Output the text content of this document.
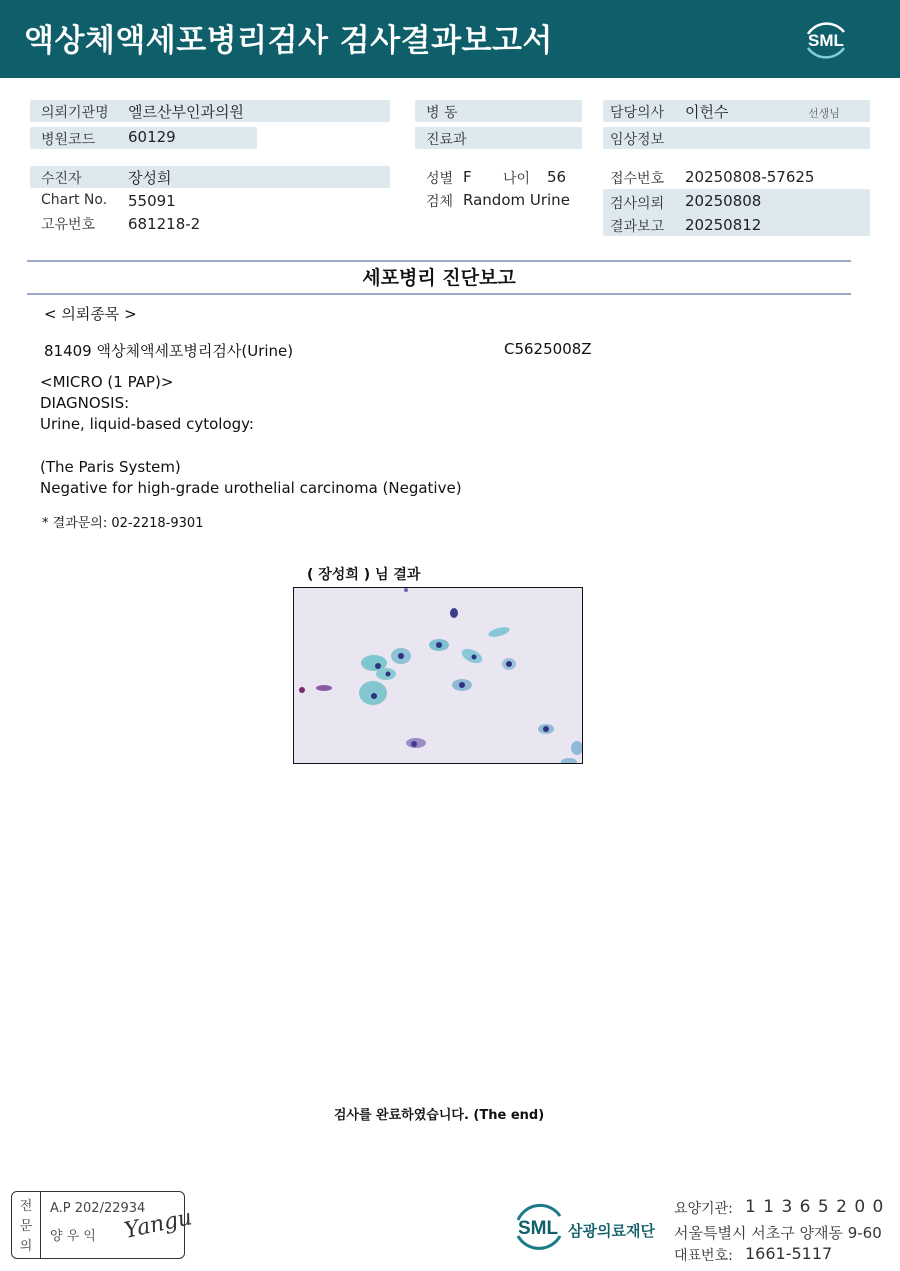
액상체액세포병리검사 검사결과보고서	SML
의뢰기관명 엘르산부인과의원
병원코드 60129
수진자	장성희
Chart No. 55091
고유번호 681218-2
병 동
진료과
성별 F 나이 56
검체 Random Urine
담당의사 이헌수	선생님
임상정보
접수번호 20250808-57625
검사의뢰 20250808
결과보고 20250812
세포병리 진단보고
< 의뢰종목 >
81409 액상체액세포병리검사(Urine)	C5625008Z
<MICRO (1 PAP)>
DIAGNOSIS:
Urine, liquid-based cytology:
(The Paris System)
Negative for high-grade urothelial carcinoma (Negative)
* 결과문의: 02-2218-9301
( 장성희 ) 님 결과
검사를 완료하였습니다. (The end)
전
문
의
A.P 202/22934
양 우 익 Yangu	SML 삼광의료재단
요양기관: 1 1 3 6 5 2 0 0
서울특별시 서초구 양재동 9-60
대표번호: 1661-5117
